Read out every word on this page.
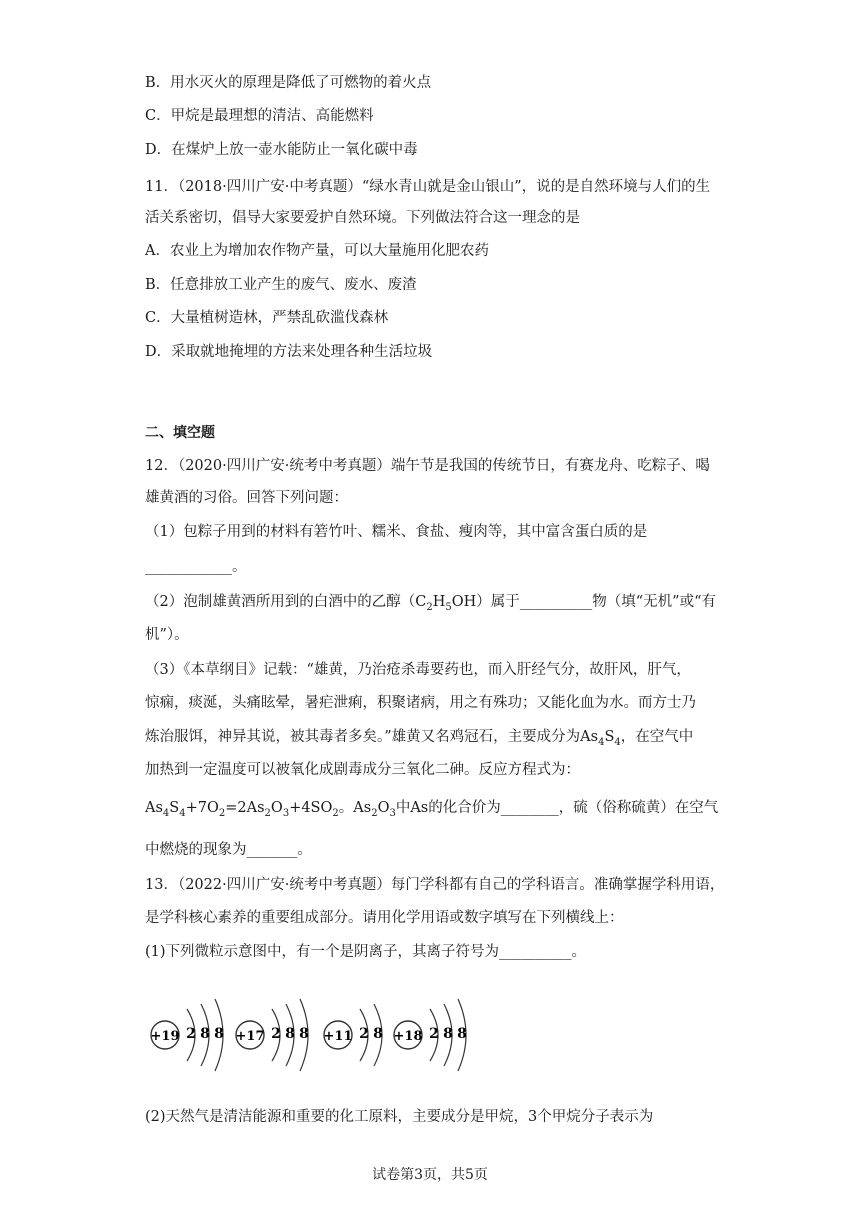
B．用水灭火的原理是降低了可燃物的着火点
C．甲烷是最理想的清洁、高能燃料
D．在煤炉上放一壶水能防止一氧化碳中毒
11．（2018·四川广安·中考真题）“绿水青山就是金山银山”，说的是自然环境与人们的生
活关系密切，倡导大家要爱护自然环境。下列做法符合这一理念的是
A．农业上为增加农作物产量，可以大量施用化肥农药
B．任意排放工业产生的废气、废水、废渣
C．大量植树造林，严禁乱砍滥伐森林
D．采取就地掩埋的方法来处理各种生活垃圾
二、填空题
12．（2020·四川广安·统考中考真题）端午节是我国的传统节日，有赛龙舟、吃粽子、喝
雄黄酒的习俗。回答下列问题：
（1）包粽子用到的材料有箬竹叶、糯米、食盐、瘦肉等，其中富含蛋白质的是
____________。
（2）泡制雄黄酒所用到的白酒中的乙醇$(C_2H_5OH)$属于__________物（填“无机”或“有
机”）。
（3）《本草纲目》记载：“雄黄，乃治疮杀毒要药也，而入肝经气分，故肝风，肝气，
惊痫，痰涎，头痛眩晕，暑疟泄痢，积聚诸病，用之有殊功；又能化血为水。而方士乃
炼治服饵，神异其说，被其毒者多矣。”雄黄又名鸡冠石，主要成分为$As_4S_4$，在空气中
加热到一定温度可以被氧化成剧毒成分三氧化二砷。反应方程式为：
$As_4S_4+7O_2=2As_2O_3+4SO_2$。$As_2O_3$中As的化合价为________，硫（俗称硫黄）在空气
中燃烧的现象为_______。
13．（2022·四川广安·统考中考真题）每门学科都有自己的学科语言。准确掌握学科用语，
是学科核心素养的重要组成部分。请用化学用语或数字填写在下列横线上：
(1)下列微粒示意图中，有一个是阴离子，其离子符号为__________。
+19 2 8 8 +17 2 8 8 +11 2 8 +18 2 8 8
(2)天然气是清洁能源和重要的化工原料，主要成分是甲烷，3个甲烷分子表示为
试卷第3页，共5页
